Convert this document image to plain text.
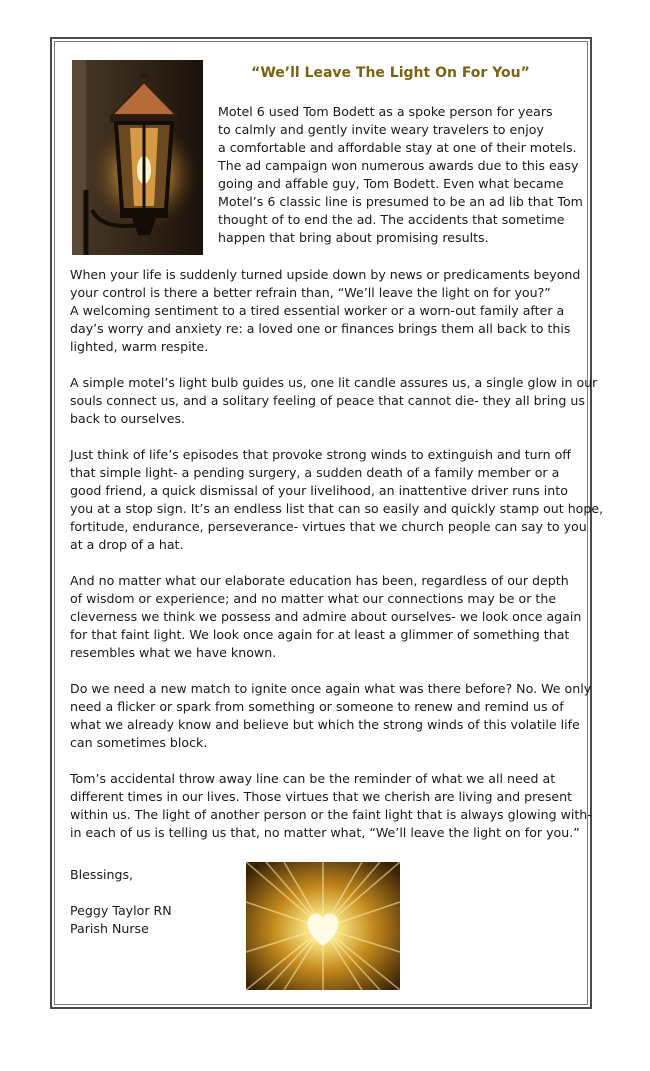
“We’ll Leave The Light On For You”
Motel 6 used Tom Bodett as a spoke person for years
to calmly and gently invite weary travelers to enjoy
a comfortable and affordable stay at one of their motels.
The ad campaign won numerous awards due to this easy
going and affable guy, Tom Bodett. Even what became
Motel’s 6 classic line is presumed to be an ad lib that Tom
thought of to end the ad. The accidents that sometime
happen that bring about promising results.

When your life is suddenly turned upside down by news or predicaments beyond
your control is there a better refrain than, “We’ll leave the light on for you?”
A welcoming sentiment to a tired essential worker or a worn-out family after a
day’s worry and anxiety re: a loved one or finances brings them all back to this
lighted, warm respite.

A simple motel’s light bulb guides us, one lit candle assures us, a single glow in our
souls connect us, and a solitary feeling of peace that cannot die- they all bring us
back to ourselves.

Just think of life’s episodes that provoke strong winds to extinguish and turn off
that simple light- a pending surgery, a sudden death of a family member or a
good friend, a quick dismissal of your livelihood, an inattentive driver runs into
you at a stop sign. It’s an endless list that can so easily and quickly stamp out hope,
fortitude, endurance, perseverance- virtues that we church people can say to you
at a drop of a hat.

And no matter what our elaborate education has been, regardless of our depth
of wisdom or experience; and no matter what our connections may be or the
cleverness we think we possess and admire about ourselves- we look once again
for that faint light. We look once again for at least a glimmer of something that
resembles what we have known.

Do we need a new match to ignite once again what was there before? No. We only
need a flicker or spark from something or someone to renew and remind us of
what we already know and believe but which the strong winds of this volatile life
can sometimes block.

Tom’s accidental throw away line can be the reminder of what we all need at
different times in our lives. Those virtues that we cherish are living and present
within us. The light of another person or the faint light that is always glowing with-
in each of us is telling us that, no matter what, “We’ll leave the light on for you.”

Blessings,
Peggy Taylor RN
Parish Nurse
